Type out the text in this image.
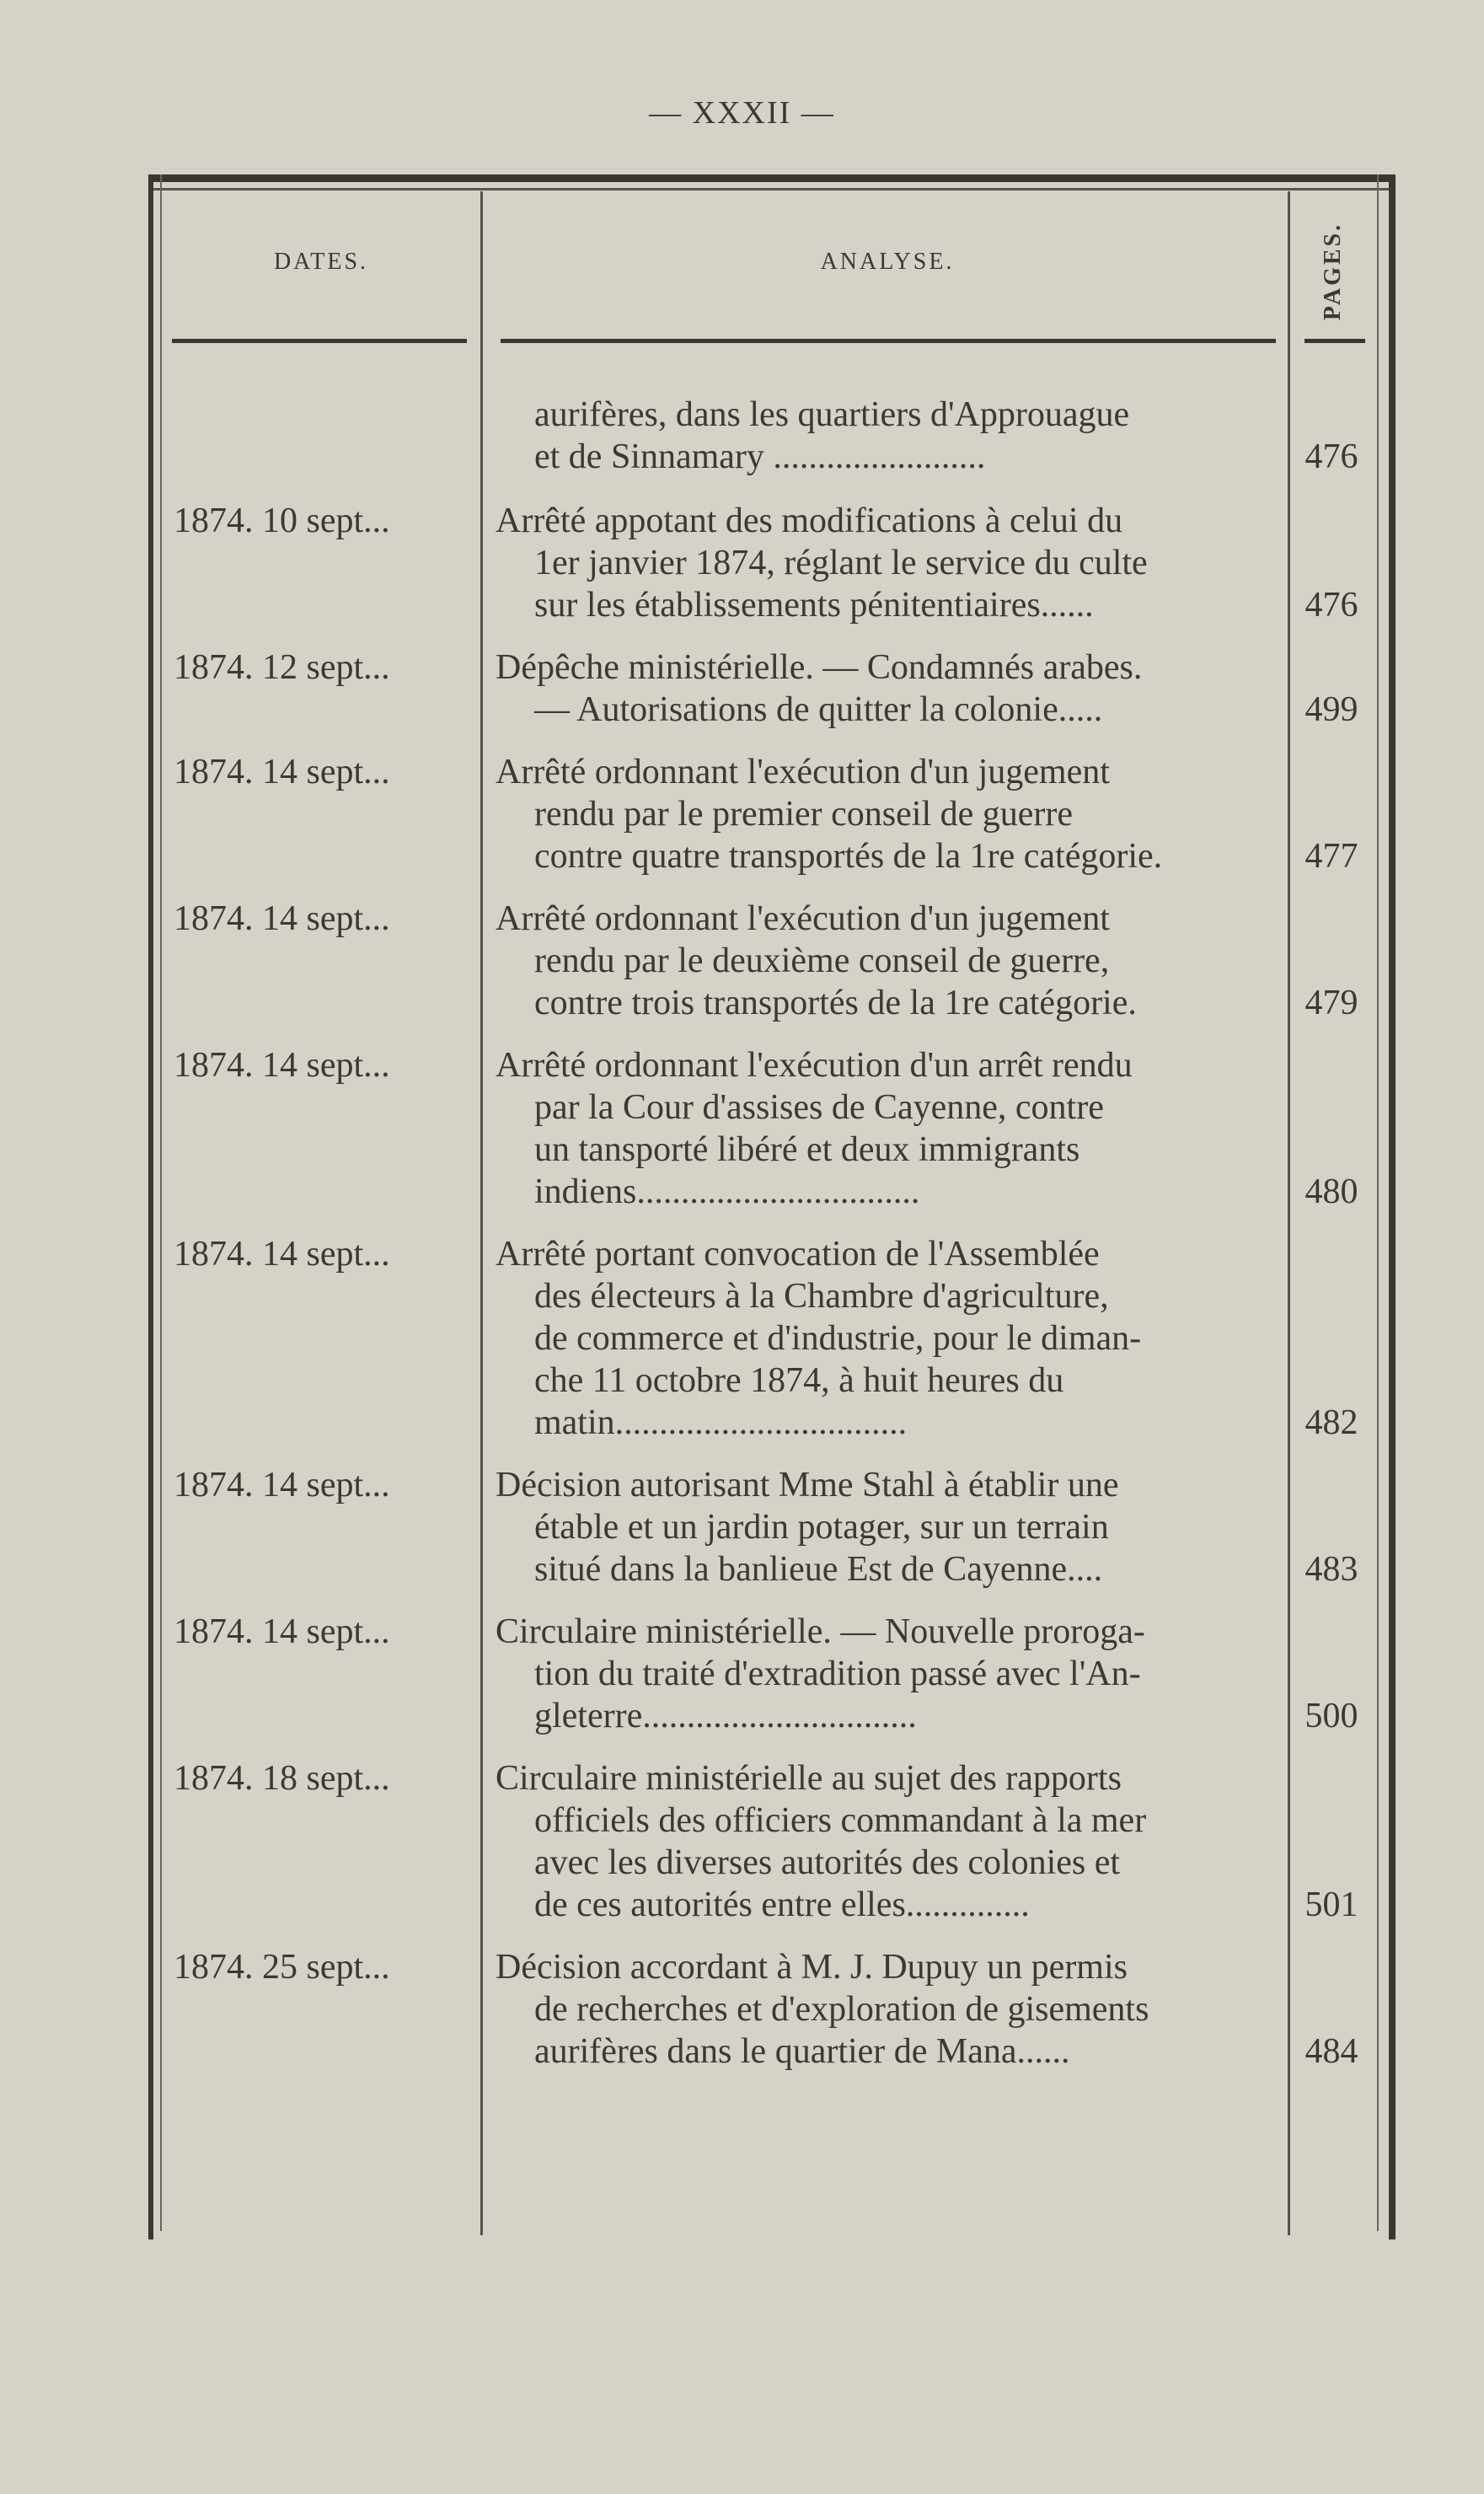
— XXXII —
DATES.	ANALYSE.	PAGES.
aurifères, dans les quartiers d'Approuague
et de Sinnamary ........................	476
1874. 10 sept...	Arrêté appotant des modifications à celui du
1er janvier 1874, réglant le service du culte
sur les établissements pénitentiaires......	476
1874. 12 sept...	Dépêche ministérielle. — Condamnés arabes.
— Autorisations de quitter la colonie.....	499
1874. 14 sept...	Arrêté ordonnant l'exécution d'un jugement
rendu par le premier conseil de guerre
contre quatre transportés de la 1re catégorie.	477
1874. 14 sept...	Arrêté ordonnant l'exécution d'un jugement
rendu par le deuxième conseil de guerre,
contre trois transportés de la 1re catégorie.	479
1874. 14 sept...	Arrêté ordonnant l'exécution d'un arrêt rendu
par la Cour d'assises de Cayenne, contre
un tansporté libéré et deux immigrants
indiens................................	480
1874. 14 sept...	Arrêté portant convocation de l'Assemblée
des électeurs à la Chambre d'agriculture,
de commerce et d'industrie, pour le diman-
che 11 octobre 1874, à huit heures du
matin.................................	482
1874. 14 sept...	Décision autorisant Mme Stahl à établir une
étable et un jardin potager, sur un terrain
situé dans la banlieue Est de Cayenne....	483
1874. 14 sept...	Circulaire ministérielle. — Nouvelle proroga-
tion du traité d'extradition passé avec l'An-
gleterre...............................	500
1874. 18 sept...	Circulaire ministérielle au sujet des rapports
officiels des officiers commandant à la mer
avec les diverses autorités des colonies et
de ces autorités entre elles..............	501
1874. 25 sept...	Décision accordant à M. J. Dupuy un permis
de recherches et d'exploration de gisements
aurifères dans le quartier de Mana......	484
